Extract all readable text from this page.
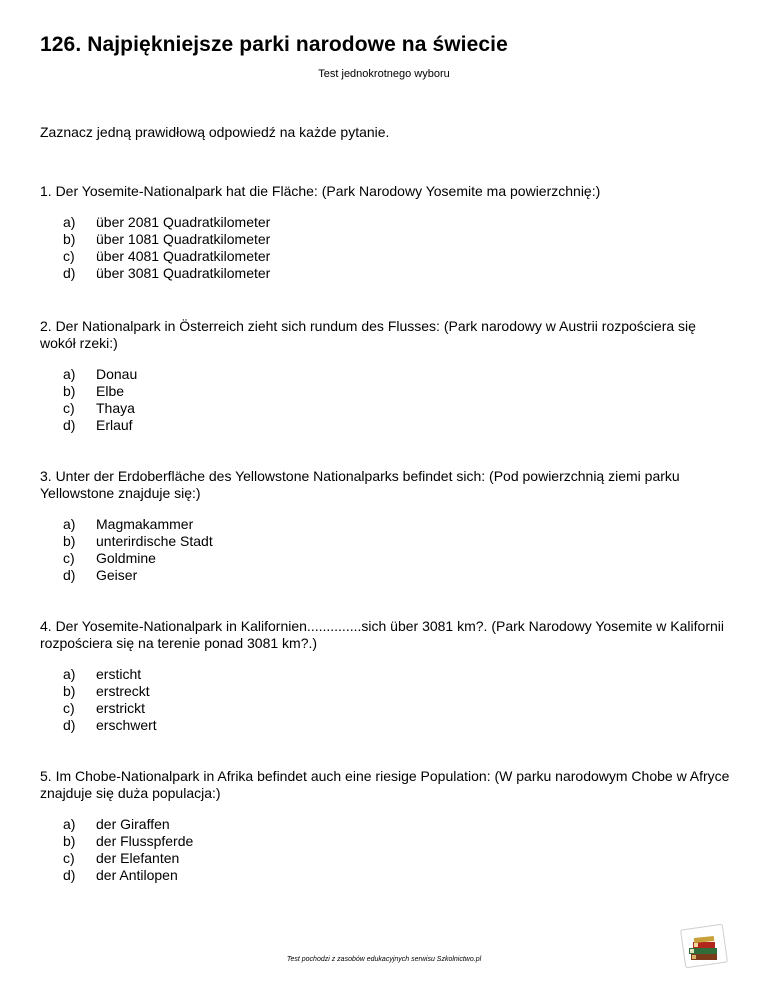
126. Najpiękniejsze parki narodowe na świecie

Test jednokrotnego wyboru

Zaznacz jedną prawidłową odpowiedź na każde pytanie.

1. Der Yosemite-Nationalpark hat die Fläche: (Park Narodowy Yosemite ma powierzchnię:)

a) über 2081 Quadratkilometer
b) über 1081 Quadratkilometer
c) über 4081 Quadratkilometer
d) über 3081 Quadratkilometer

2. Der Nationalpark in Österreich zieht sich rundum des Flusses: (Park narodowy w Austrii rozpościera się wokół rzeki:)

a) Donau
b) Elbe
c) Thaya
d) Erlauf

3. Unter der Erdoberfläche des Yellowstone Nationalparks befindet sich: (Pod powierzchnią ziemi parku Yellowstone znajduje się:)

a) Magmakammer
b) unterirdische Stadt
c) Goldmine
d) Geiser

4. Der Yosemite-Nationalpark in Kalifornien..............sich über 3081 km?. (Park Narodowy Yosemite w Kalifornii rozpościera się na terenie ponad 3081 km?.)

a) ersticht
b) erstreckt
c) erstrickt
d) erschwert

5. Im Chobe-Nationalpark in Afrika befindet auch eine riesige Population: (W parku narodowym Chobe w Afryce znajduje się duża populacja:)

a) der Giraffen
b) der Flusspferde
c) der Elefanten
d) der Antilopen

Test pochodzi z zasobów edukacyjnych serwisu Szkolnictwo.pl
